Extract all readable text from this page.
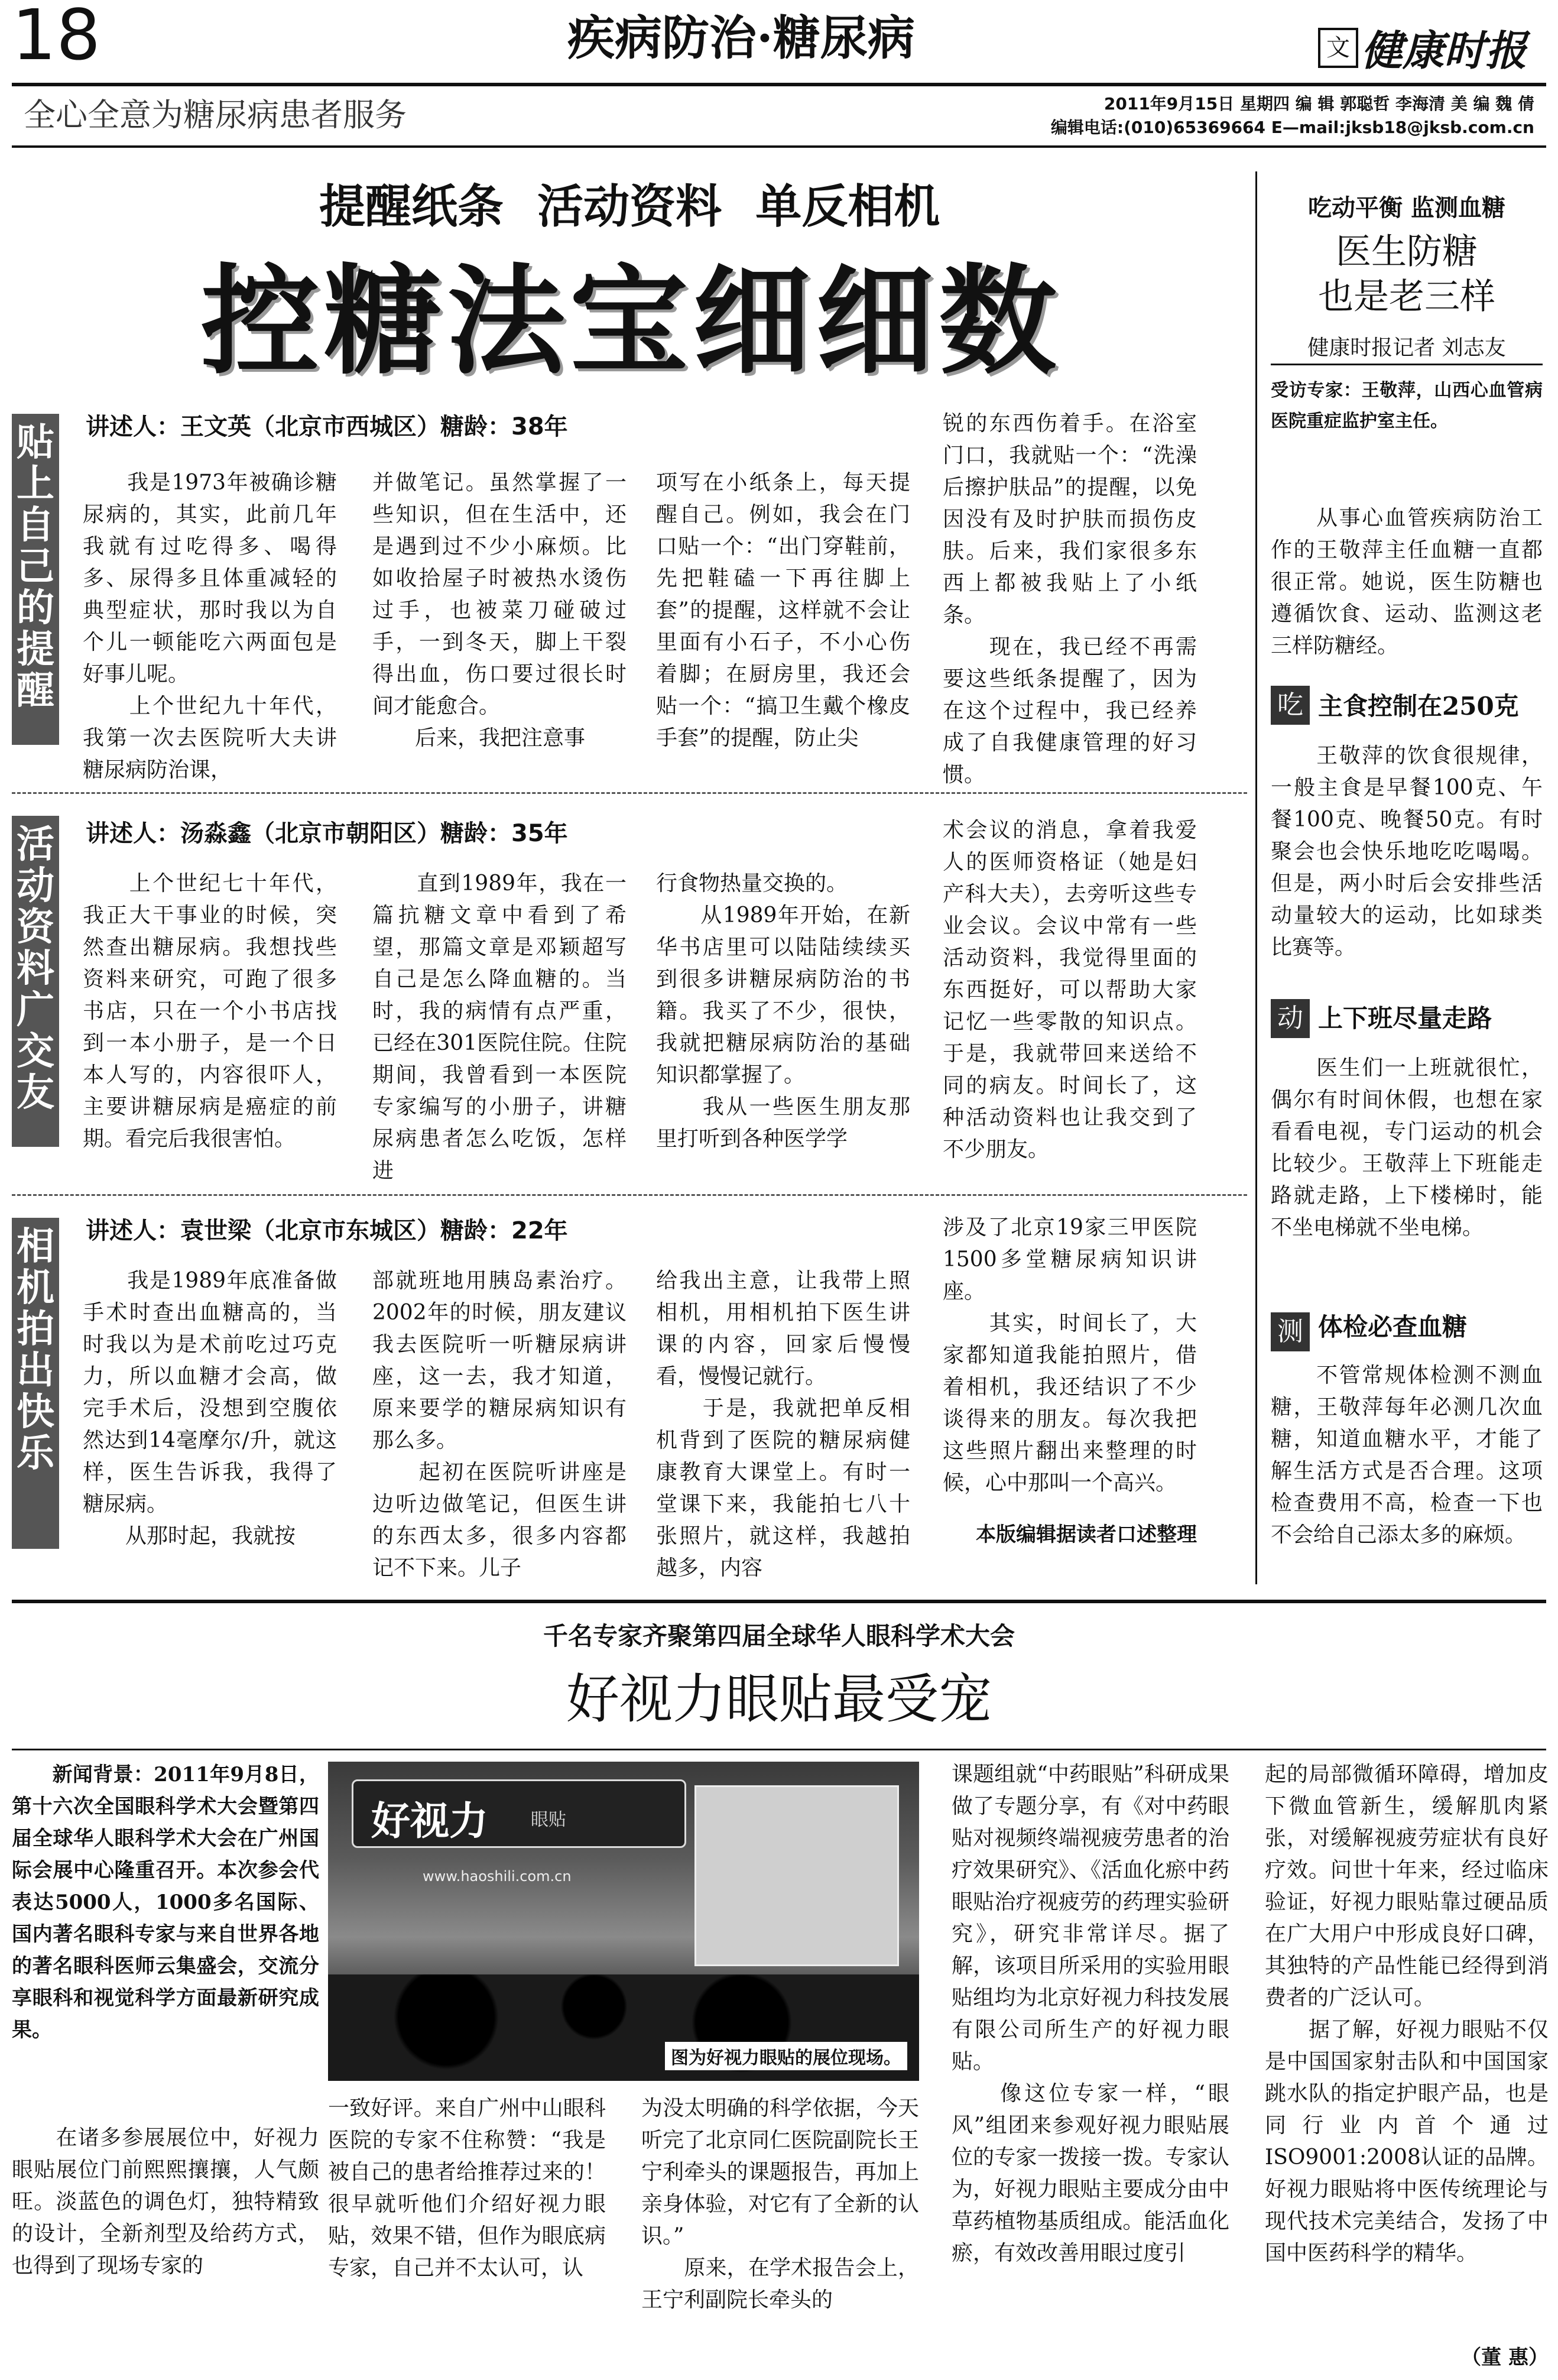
18	疾病防治·糖尿病	文 健康时报
全心全意为糖尿病患者服务	2011年9月15日 星期四 编 辑 郭聪哲 李海清 美 编 魏 倩
编辑电话:(010)65369664 E—mail:jksb18@jksb.com.cn
提醒纸条 活动资料 单反相机
控糖法宝细细数
贴上自己的提醒
讲述人：王文英（北京市西城区）糖龄：38年
　　我是1973年被确诊糖尿病的，其实，此前几年我就有过吃得多、喝得多、尿得多且体重减轻的典型症状，那时我以为自个儿一顿能吃六两面包是好事儿呢。
　　上个世纪九十年代，我第一次去医院听大夫讲糖尿病防治课，
并做笔记。虽然掌握了一些知识，但在生活中，还是遇到过不少小麻烦。比如收拾屋子时被热水烫伤过手，也被菜刀碰破过手，一到冬天，脚上干裂得出血，伤口要过很长时间才能愈合。
　　后来，我把注意事
项写在小纸条上，每天提醒自己。例如，我会在门口贴一个：“出门穿鞋前，先把鞋磕一下再往脚上套”的提醒，这样就不会让里面有小石子，不小心伤着脚；在厨房里，我还会贴一个：“搞卫生戴个橡皮手套”的提醒，防止尖
锐的东西伤着手。在浴室门口，我就贴一个：“洗澡后擦护肤品”的提醒，以免因没有及时护肤而损伤皮肤。后来，我们家很多东西上都被我贴上了小纸条。
　　现在，我已经不再需要这些纸条提醒了，因为在这个过程中，我已经养成了自我健康管理的好习惯。
活动资料广交友
讲述人：汤淼鑫（北京市朝阳区）糖龄：35年
　　上个世纪七十年代，我正大干事业的时候，突然查出糖尿病。我想找些资料来研究，可跑了很多书店，只在一个小书店找到一本小册子，是一个日本人写的，内容很吓人，主要讲糖尿病是癌症的前期。看完后我很害怕。
　　直到1989年，我在一篇抗糖文章中看到了希望，那篇文章是邓颖超写自己是怎么降血糖的。当时，我的病情有点严重，已经在301医院住院。住院期间，我曾看到一本医院专家编写的小册子，讲糖尿病患者怎么吃饭，怎样进
行食物热量交换的。
　　从1989年开始，在新华书店里可以陆陆续续买到很多讲糖尿病防治的书籍。我买了不少，很快，我就把糖尿病防治的基础知识都掌握了。
　　我从一些医生朋友那里打听到各种医学学
术会议的消息，拿着我爱人的医师资格证（她是妇产科大夫），去旁听这些专业会议。会议中常有一些活动资料，我觉得里面的东西挺好，可以帮助大家记忆一些零散的知识点。于是，我就带回来送给不同的病友。时间长了，这种活动资料也让我交到了不少朋友。
相机拍出快乐
讲述人：袁世梁（北京市东城区）糖龄：22年
　　我是1989年底准备做手术时查出血糖高的，当时我以为是术前吃过巧克力，所以血糖才会高，做完手术后，没想到空腹依然达到14毫摩尔/升，就这样，医生告诉我，我得了糖尿病。
　　从那时起，我就按
部就班地用胰岛素治疗。2002年的时候，朋友建议我去医院听一听糖尿病讲座，这一去，我才知道，原来要学的糖尿病知识有那么多。
　　起初在医院听讲座是边听边做笔记，但医生讲的东西太多，很多内容都记不下来。儿子
给我出主意，让我带上照相机，用相机拍下医生讲课的内容，回家后慢慢看，慢慢记就行。
　　于是，我就把单反相机背到了医院的糖尿病健康教育大课堂上。有时一堂课下来，我能拍七八十张照片，就这样，我越拍越多，内容
涉及了北京19家三甲医院1500多堂糖尿病知识讲座。
　　其实，时间长了，大家都知道我能拍照片，借着相机，我还结识了不少谈得来的朋友。每次我把这些照片翻出来整理的时候，心中那叫一个高兴。
本版编辑据读者口述整理
吃动平衡 监测血糖
医生防糖
也是老三样
健康时报记者 刘志友
受访专家：王敬萍，山西心血管病医院重症监护室主任。
　　从事心血管疾病防治工作的王敬萍主任血糖一直都很正常。她说，医生防糖也遵循饮食、运动、监测这老三样防糖经。
吃 主食控制在250克
　　王敬萍的饮食很规律，一般主食是早餐100克、午餐100克、晚餐50克。有时聚会也会快乐地吃吃喝喝。但是，两小时后会安排些活动量较大的运动，比如球类比赛等。
动 上下班尽量走路
　　医生们一上班就很忙，偶尔有时间休假，也想在家看看电视，专门运动的机会比较少。王敬萍上下班能走路就走路，上下楼梯时，能不坐电梯就不坐电梯。
测 体检必查血糖
　　不管常规体检测不测血糖，王敬萍每年必测几次血糖，知道血糖水平，才能了解生活方式是否合理。这项检查费用不高，检查一下也不会给自己添太多的麻烦。
千名专家齐聚第四届全球华人眼科学术大会
好视力眼贴最受宠
　　新闻背景：2011年9月8日，第十六次全国眼科学术大会暨第四届全球华人眼科学术大会在广州国际会展中心隆重召开。本次参会代表达5000人，1000多名国际、国内著名眼科专家与来自世界各地的著名眼科医师云集盛会，交流分享眼科和视觉科学方面最新研究成果。
　　在诸多参展展位中，好视力眼贴展位门前熙熙攘攘，人气颇旺。淡蓝色的调色灯，独特精致的设计，全新剂型及给药方式，也得到了现场专家的
好视力 眼贴
www.haoshili.com.cn
图为好视力眼贴的展位现场。
一致好评。来自广州中山眼科医院的专家不住称赞：“我是被自己的患者给推荐过来的！很早就听他们介绍好视力眼贴，效果不错，但作为眼底病专家，自己并不太认可，认
为没太明确的科学依据，今天听完了北京同仁医院副院长王宁利牵头的课题报告，再加上亲身体验，对它有了全新的认识。”
　　原来，在学术报告会上，王宁利副院长牵头的
课题组就“中药眼贴”科研成果做了专题分享，有《对中药眼贴对视频终端视疲劳患者的治疗效果研究》、《活血化瘀中药眼贴治疗视疲劳的药理实验研究》，研究非常详尽。据了解，该项目所采用的实验用眼贴组均为北京好视力科技发展有限公司所生产的好视力眼贴。
　　像这位专家一样，“眼风”组团来参观好视力眼贴展位的专家一拨接一拨。专家认为，好视力眼贴主要成分由中草药植物基质组成。能活血化瘀，有效改善用眼过度引
起的局部微循环障碍，增加皮下微血管新生，缓解肌肉紧张，对缓解视疲劳症状有良好疗效。问世十年来，经过临床验证，好视力眼贴靠过硬品质在广大用户中形成良好口碑，其独特的产品性能已经得到消费者的广泛认可。
　　据了解，好视力眼贴不仅是中国国家射击队和中国国家跳水队的指定护眼产品，也是同行业内首个通过ISO9001:2008认证的品牌。好视力眼贴将中医传统理论与现代技术完美结合，发扬了中国中医药科学的精华。
（董 惠）
